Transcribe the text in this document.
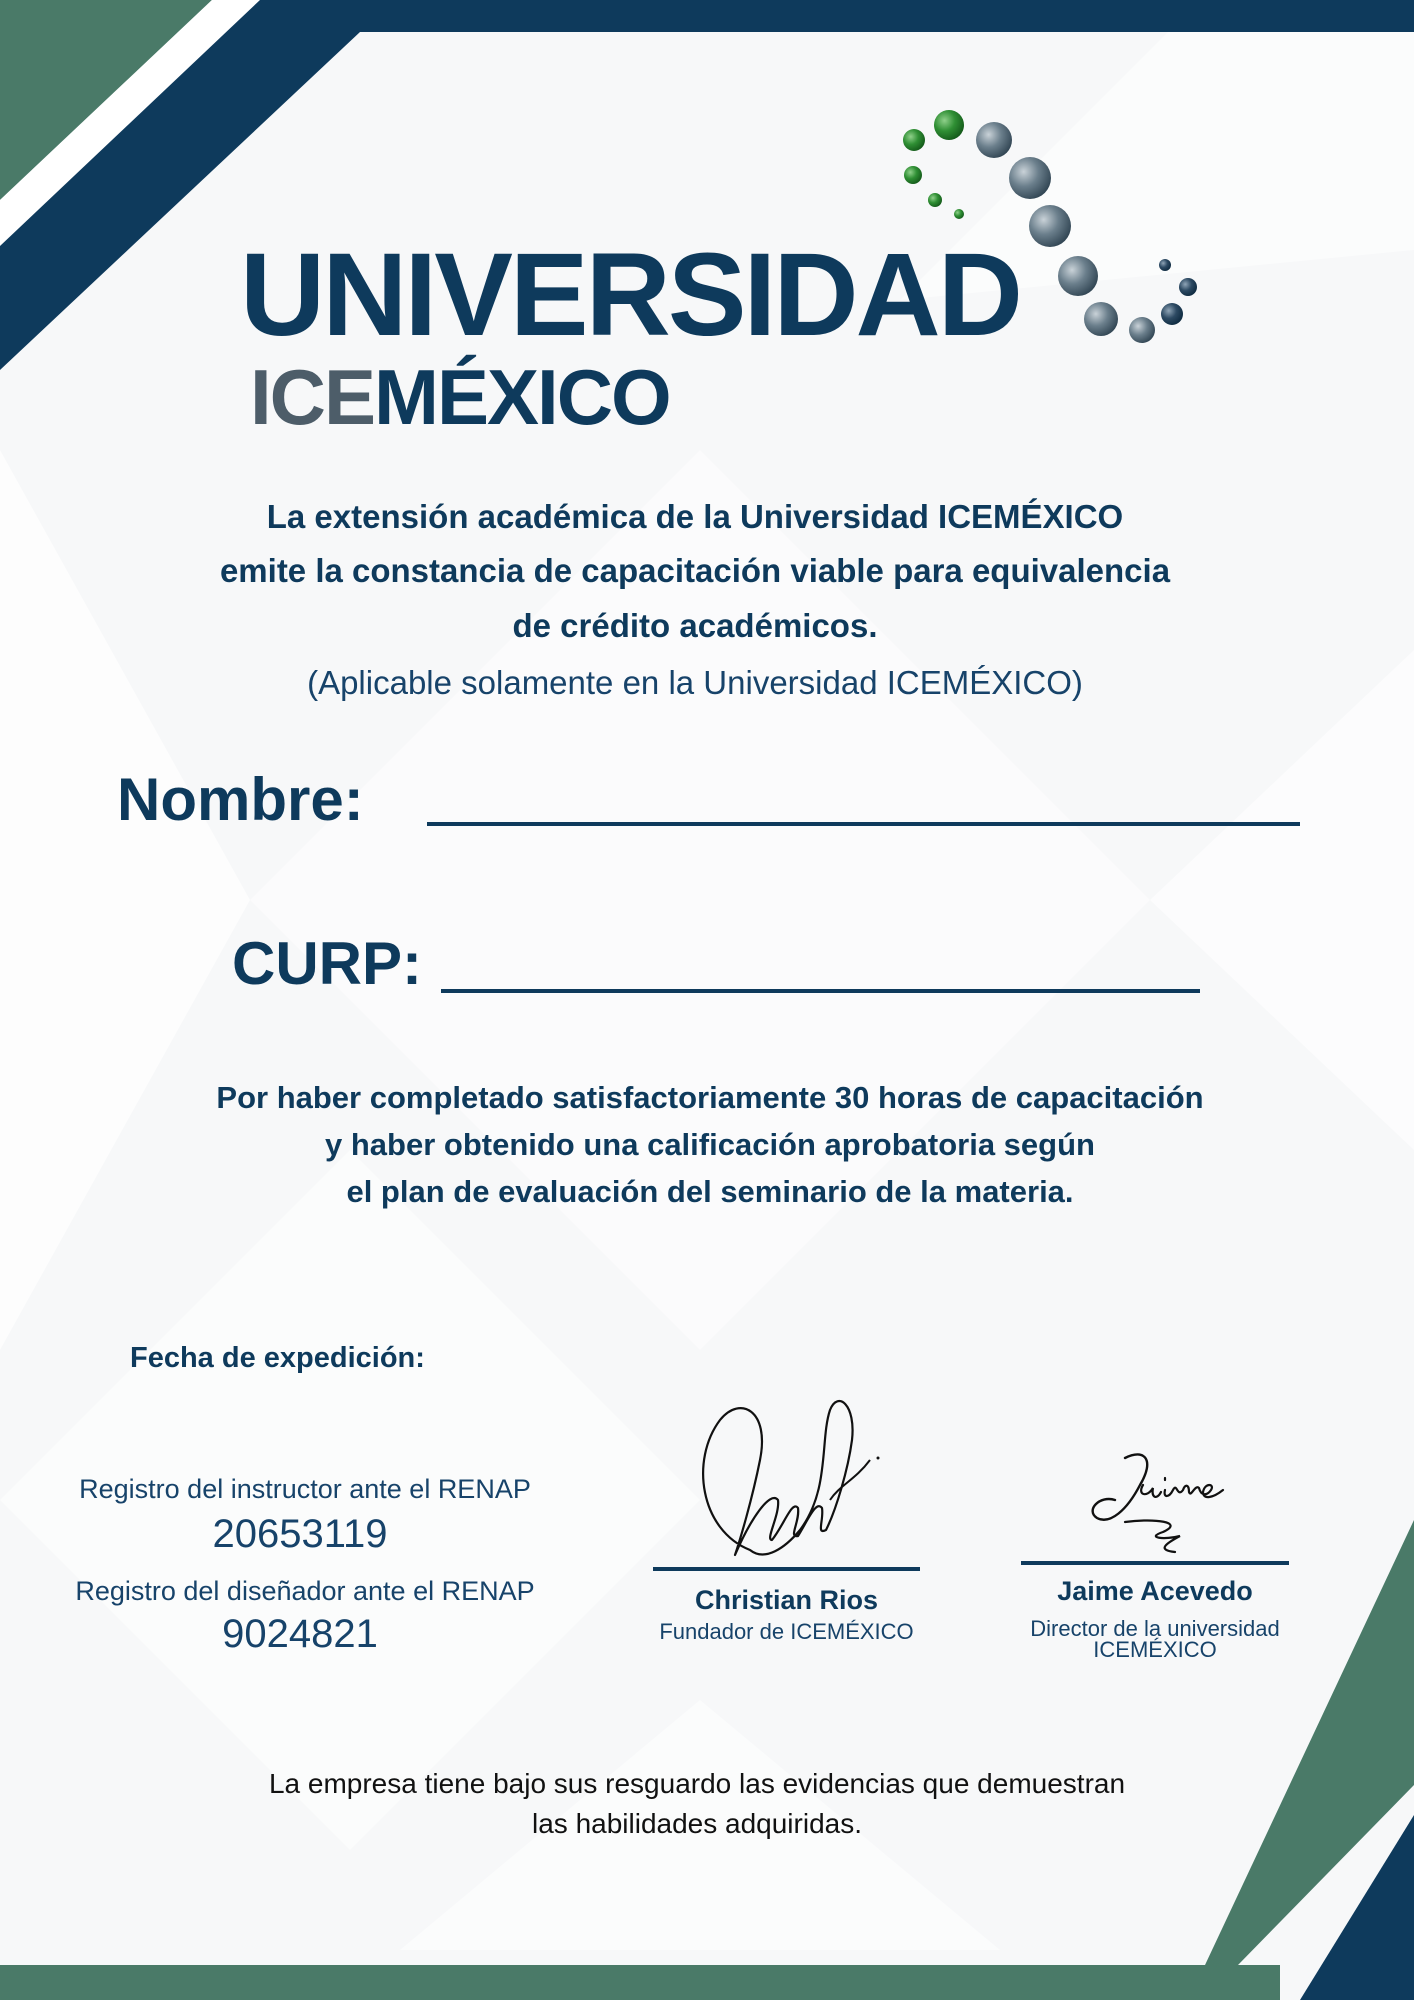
UNIVERSIDAD
ICEMÉXICO
La extensión académica de la Universidad ICEMÉXICO
emite la constancia de capacitación viable para equivalencia
de crédito académicos.
(Aplicable solamente en la Universidad ICEMÉXICO)
Nombre:
CURP:
Por haber completado satisfactoriamente 30 horas de capacitación
y haber obtenido una calificación aprobatoria según
el plan de evaluación del seminario de la materia.
Fecha de expedición:
Registro del instructor ante el RENAP
20653119
Registro del diseñador ante el RENAP
9024821
Christian Rios
Fundador de ICEMÉXICO
Jaime Acevedo
Director de la universidad ICEMÉXICO
La empresa tiene bajo sus resguardo las evidencias que demuestran
las habilidades adquiridas.
